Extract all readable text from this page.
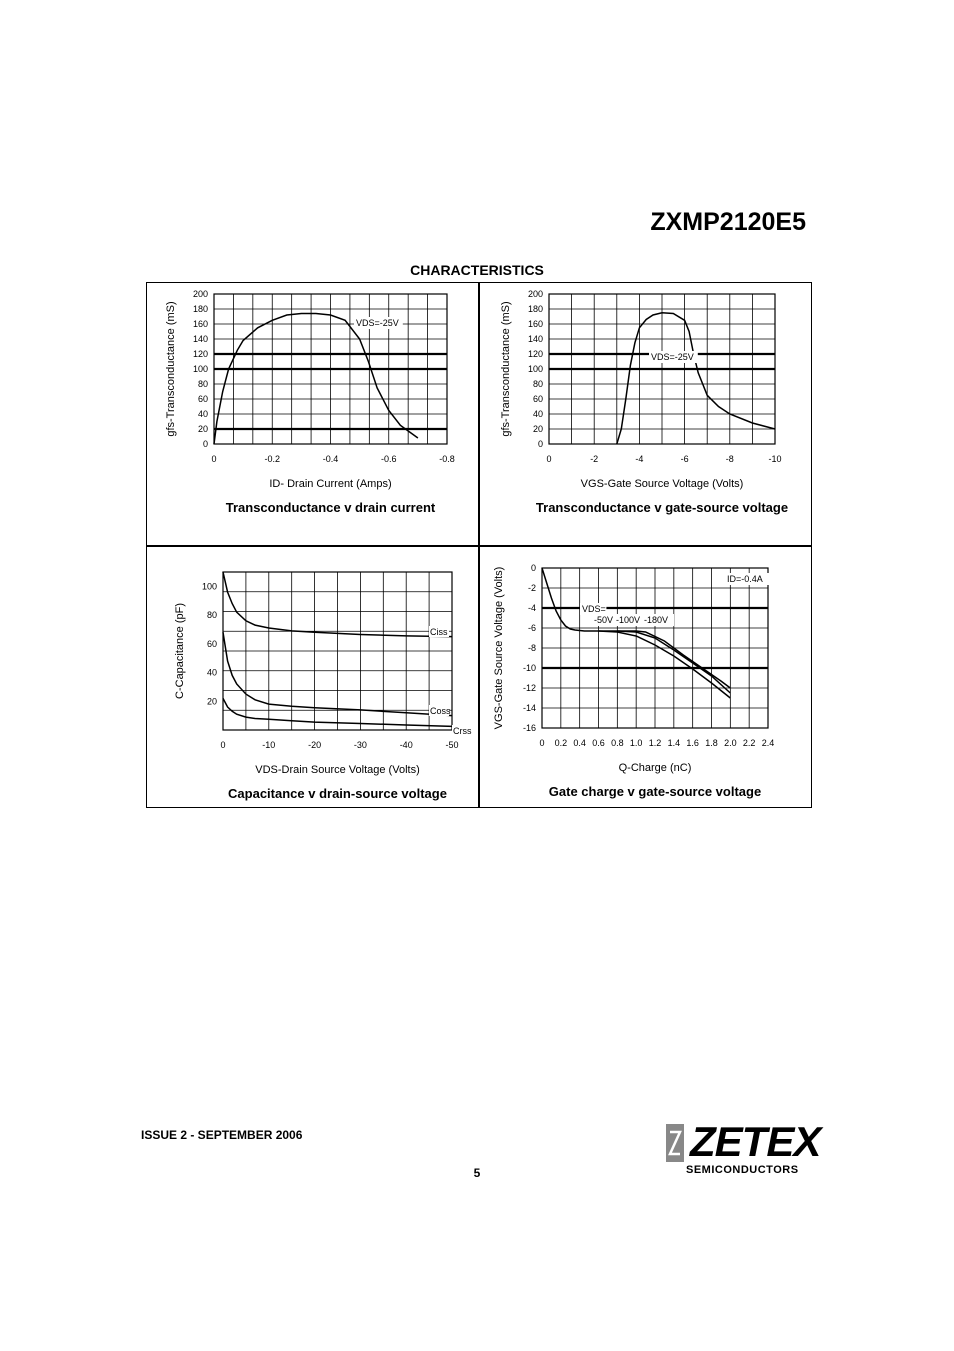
ZXMP2120E5
CHARACTERISTICS
0
20
40
60
80
100
120
140
160
180
200
0	-0.2	-0.4	-0.6	-0.8
ID- Drain Current (Amps)
gfs-Transconductance (mS)
Transconductance v drain current
0
20
40
60
80
100
120
140
160
180
200
0	-2	-4	-6	-8	-10
VGS-Gate Source Voltage (Volts)
gfs-Transconductance (mS)
Transconductance v gate-source voltage
20
40
60
80
100
0	-10	-20	-30	-40	-50
VDS-Drain Source Voltage (Volts)
C-Capacitance (pF)
Capacitance v drain-source voltage
0
-2
-4
-6
-8
-10
-12
-14
-16
0 0.2 0.4 0.6 0.8 1.0 1.2 1.4 1.6 1.8 2.0 2.2 2.4
Q-Charge (nC)
VGS-Gate Source Voltage (Volts)
Gate charge v gate-source voltage
VDS=-25V
VDS=-25V
ID=-0.4A
VDS=
-50V -100V -180V
Ciss
Coss
Crss
ISSUE 2 - SEPTEMBER 2006
5
ZETEX
SEMICONDUCTORS
